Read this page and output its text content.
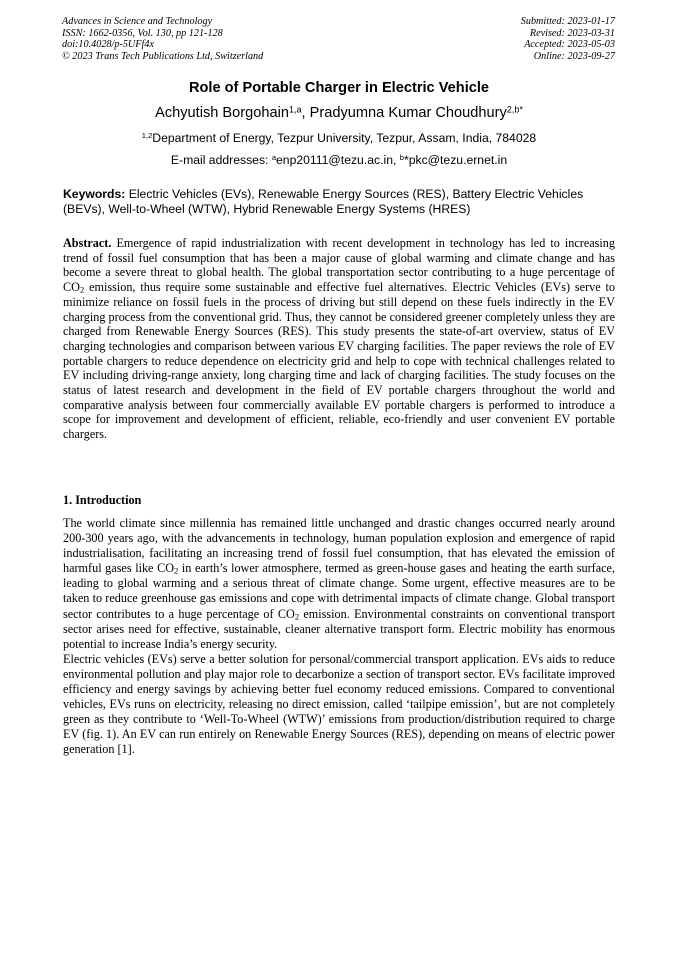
Advances in Science and Technology
ISSN: 1662-0356, Vol. 130, pp 121-128
doi:10.4028/p-5UFf4x
© 2023 Trans Tech Publications Ltd, Switzerland
Submitted: 2023-01-17
Revised: 2023-03-31
Accepted: 2023-05-03
Online: 2023-09-27
Role of Portable Charger in Electric Vehicle
Achyutish Borgohain$^{1,a}$, Pradyumna Kumar Choudhury$^{2,b*}$
$^{1,2}$Department of Energy, Tezpur University, Tezpur, Assam, India, 784028
E-mail addresses: $^a$enp20111@tezu.ac.in, $^b$*pkc@tezu.ernet.in
Keywords: Electric Vehicles (EVs), Renewable Energy Sources (RES), Battery Electric Vehicles (BEVs), Well-to-Wheel (WTW), Hybrid Renewable Energy Systems (HRES)
Abstract. Emergence of rapid industrialization with recent development in technology has led to increasing trend of fossil fuel consumption that has been a major cause of global warming and climate change and has become a severe threat to global health. The global transportation sector contributing to a huge percentage of $CO_2$ emission, thus require some sustainable and effective fuel alternatives. Electric Vehicles (EVs) serve to minimize reliance on fossil fuels in the process of driving but still depend on these fuels indirectly in the EV charging process from the conventional grid. Thus, they cannot be considered greener completely unless they are charged from Renewable Energy Sources (RES). This study presents the state-of-art overview, status of EV charging technologies and comparison between various EV charging facilities. The paper reviews the role of EV portable chargers to reduce dependence on electricity grid and help to cope with technical challenges related to EV including driving-range anxiety, long charging time and lack of charging facilities. The study focuses on the status of latest research and development in the field of EV portable chargers throughout the world and comparative analysis between four commercially available EV portable chargers is performed to introduce a scope for improvement and development of efficient, reliable, eco-friendly and user convenient EV portable chargers.
1. Introduction

The world climate since millennia has remained little unchanged and drastic changes occurred nearly around 200-300 years ago, with the advancements in technology, human population explosion and emergence of rapid industrialisation, facilitating an increasing trend of fossil fuel consumption, that has elevated the emission of harmful gases like $CO_2$ in earth’s lower atmosphere, termed as green-house gases and heating the earth surface, leading to global warming and a serious threat of climate change. Some urgent, effective measures are to be taken to reduce greenhouse gas emissions and cope with detrimental impacts of climate change. Global transport sector contributes to a huge percentage of $CO_2$ emission. Environmental constraints on conventional transport sector arises need for effective, sustainable, cleaner alternative transport form. Electric mobility has enormous potential to increase India’s energy security.

Electric vehicles (EVs) serve a better solution for personal/commercial transport application. EVs aids to reduce environmental pollution and play major role to decarbonize a section of transport sector. EVs facilitate improved efficiency and energy savings by achieving better fuel economy reduced emissions. Compared to conventional vehicles, EVs runs on electricity, releasing no direct emission, called ‘tailpipe emission’, but are not completely green as they contribute to ‘Well-To-Wheel (WTW)’ emissions from production/distribution required to charge EV (fig. 1). An EV can run entirely on Renewable Energy Sources (RES), depending on means of electric power generation [1].
